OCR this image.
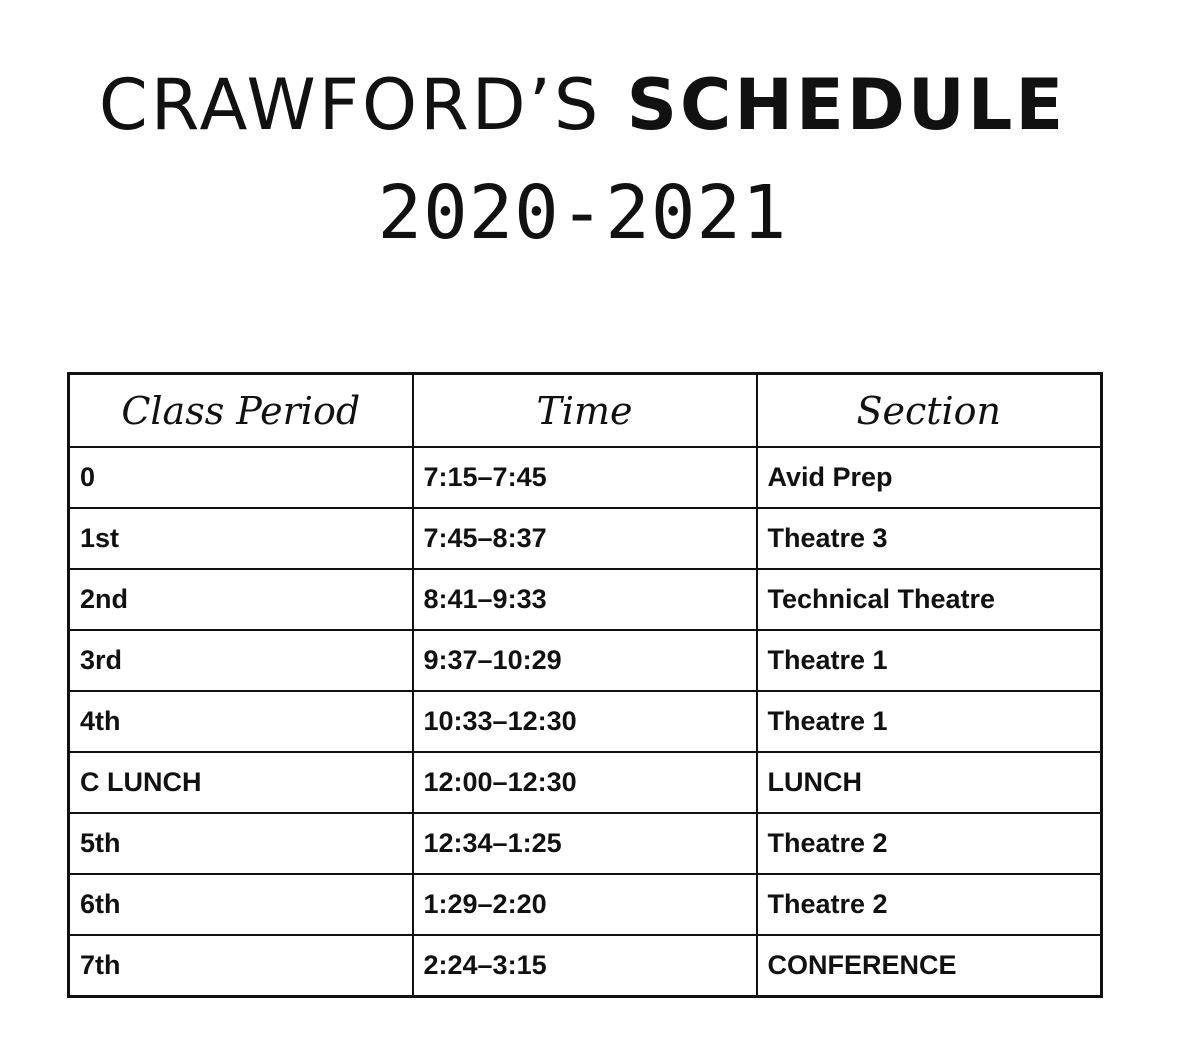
CRAWFORD’S SCHEDULE
2020-2021
Class Period	Time	Section
0	7:15–7:45	Avid Prep
1st	7:45–8:37	Theatre 3
2nd	8:41–9:33	Technical Theatre
3rd	9:37–10:29	Theatre 1
4th	10:33–12:30	Theatre 1
C LUNCH	12:00–12:30	LUNCH
5th	12:34–1:25	Theatre 2
6th	1:29–2:20	Theatre 2
7th	2:24–3:15	CONFERENCE
